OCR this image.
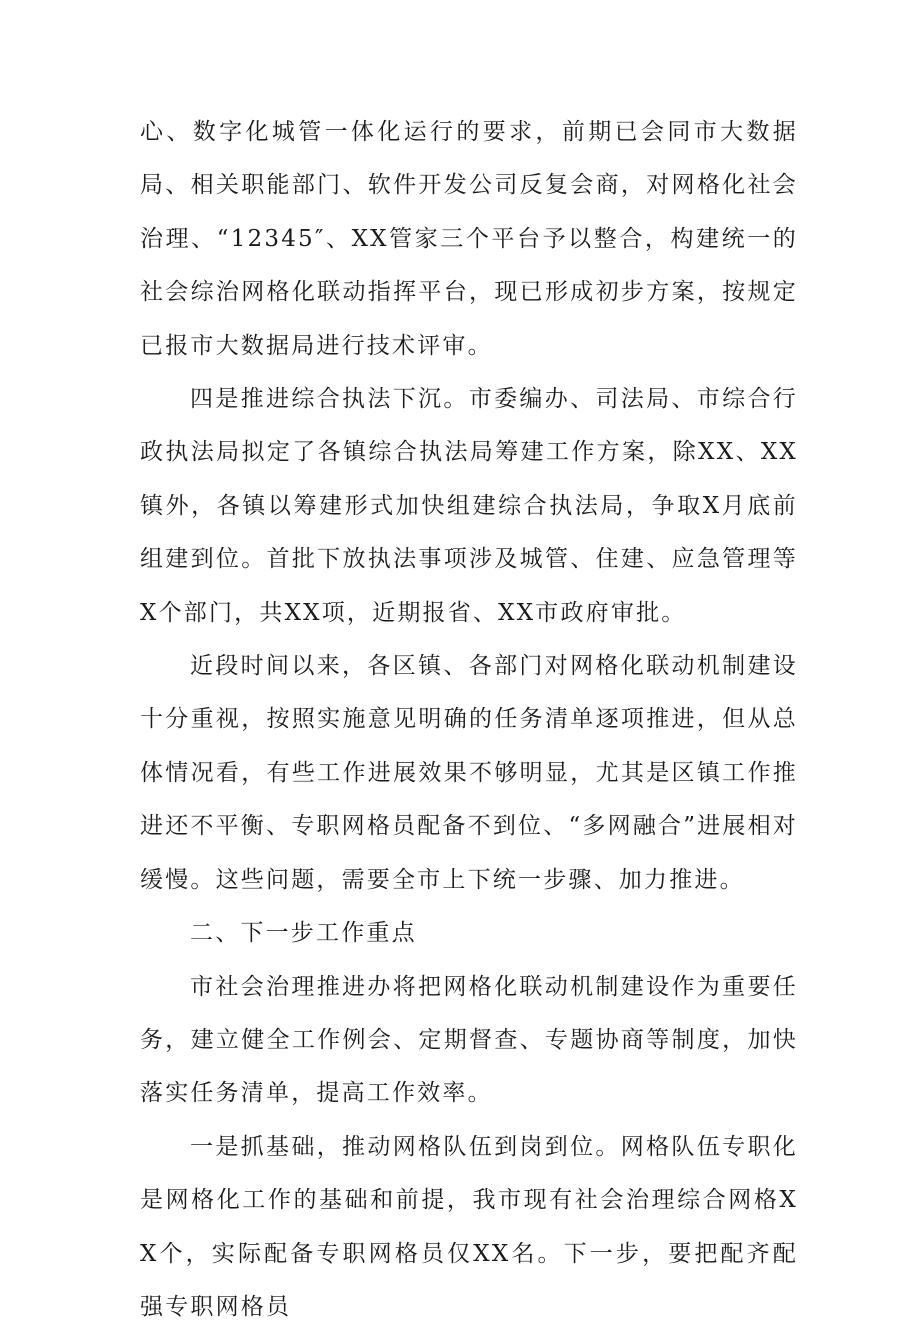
心、数字化城管一体化运行的要求，前期已会同市大数据局、相关职能部门、软件开发公司反复会商，对网格化社会治理、“12345″、XX管家三个平台予以整合，构建统一的社会综治网格化联动指挥平台，现已形成初步方案，按规定已报市大数据局进行技术评审。

四是推进综合执法下沉。市委编办、司法局、市综合行政执法局拟定了各镇综合执法局筹建工作方案，除XX、XX镇外，各镇以筹建形式加快组建综合执法局，争取X月底前组建到位。首批下放执法事项涉及城管、住建、应急管理等X个部门，共XX项，近期报省、XX市政府审批。

近段时间以来，各区镇、各部门对网格化联动机制建设十分重视，按照实施意见明确的任务清单逐项推进，但从总体情况看，有些工作进展效果不够明显，尤其是区镇工作推进还不平衡、专职网格员配备不到位、“多网融合”进展相对缓慢。这些问题，需要全市上下统一步骤、加力推进。

二、下一步工作重点

市社会治理推进办将把网格化联动机制建设作为重要任务，建立健全工作例会、定期督查、专题协商等制度，加快落实任务清单，提高工作效率。

一是抓基础，推动网格队伍到岗到位。网格队伍专职化是网格化工作的基础和前提，我市现有社会治理综合网格XX个，实际配备专职网格员仅XX名。下一步，要把配齐配强专职网格员
